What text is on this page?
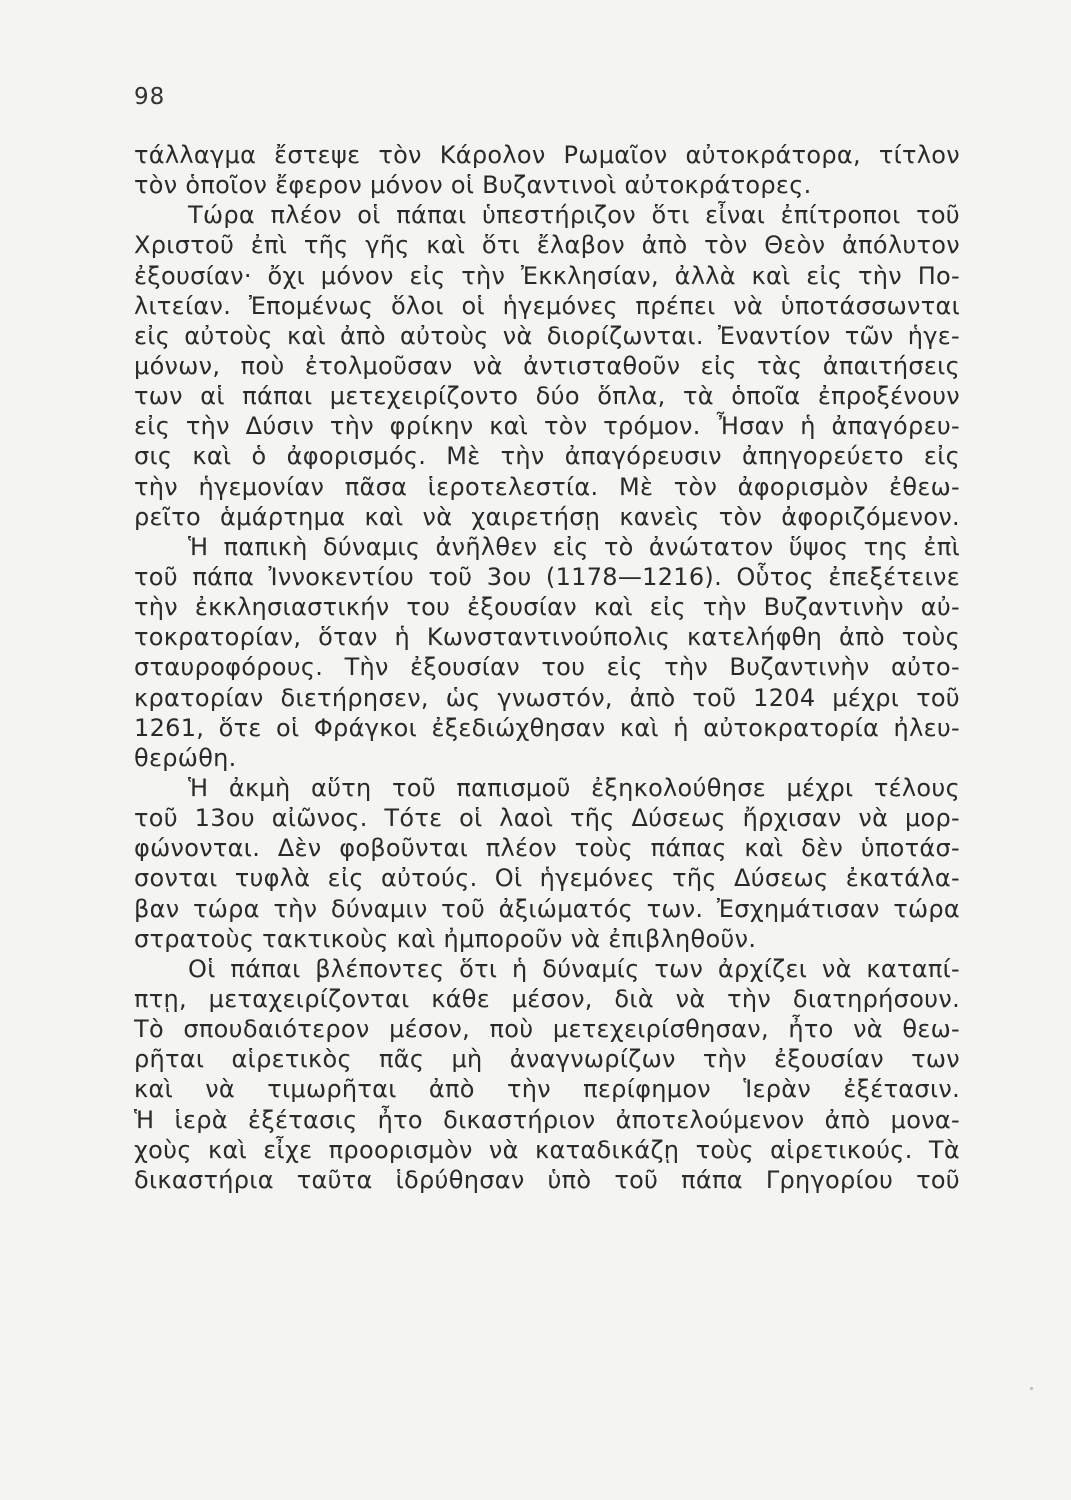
98
τάλλαγμα ἔστεψε τὸν Κάρολον Ρωμαῖον αὐτοκράτορα, τίτλον
τὸν ὁποῖον ἔφερον μόνον οἱ Βυζαντινοὶ αὐτοκράτορες.
Τώρα πλέον οἱ πάπαι ὑπεστήριζον ὅτι εἶναι ἐπίτροποι τοῦ
Χριστοῦ ἐπὶ τῆς γῆς καὶ ὅτι ἔλαβον ἀπὸ τὸν Θεὸν ἀπόλυτον
ἐξουσίαν· ὄχι μόνον εἰς τὴν Ἐκκλησίαν, ἀλλὰ καὶ εἰς τὴν Πο-
λιτείαν. Ἐπομένως ὅλοι οἱ ἡγεμόνες πρέπει νὰ ὑποτάσσωνται
εἰς αὐτοὺς καὶ ἀπὸ αὐτοὺς νὰ διορίζωνται. Ἐναντίον τῶν ἡγε-
μόνων, ποὺ ἐτολμοῦσαν νὰ ἀντισταθοῦν εἰς τὰς ἀπαιτήσεις
των αἱ πάπαι μετεχειρίζοντο δύο ὅπλα, τὰ ὁποῖα ἐπροξένουν
εἰς τὴν Δύσιν τὴν φρίκην καὶ τὸν τρόμον. Ἦσαν ἡ ἀπαγόρευ-
σις καὶ ὁ ἀφορισμός. Μὲ τὴν ἀπαγόρευσιν ἀπηγορεύετο εἰς
τὴν ἡγεμονίαν πᾶσα ἱεροτελεστία. Μὲ τὸν ἀφορισμὸν ἐθεω-
ρεῖτο ἁμάρτημα καὶ νὰ χαιρετήσῃ κανεὶς τὸν ἀφοριζόμενον.
Ἡ παπικὴ δύναμις ἀνῆλθεν εἰς τὸ ἀνώτατον ὕψος της ἐπὶ
τοῦ πάπα Ἰννοκεντίου τοῦ 3ου (1178—1216). Οὗτος ἐπεξέτεινε
τὴν ἐκκλησιαστικήν του ἐξουσίαν καὶ εἰς τὴν Βυζαντινὴν αὐ-
τοκρατορίαν, ὅταν ἡ Κωνσταντινούπολις κατελήφθη ἀπὸ τοὺς
σταυροφόρους. Τὴν ἐξουσίαν του εἰς τὴν Βυζαντινὴν αὐτο-
κρατορίαν διετήρησεν, ὡς γνωστόν, ἀπὸ τοῦ 1204 μέχρι τοῦ
1261, ὅτε οἱ Φράγκοι ἐξεδιώχθησαν καὶ ἡ αὐτοκρατορία ἠλευ-
θερώθη.
Ἡ ἀκμὴ αὕτη τοῦ παπισμοῦ ἐξηκολούθησε μέχρι τέλους
τοῦ 13ου αἰῶνος. Τότε οἱ λαοὶ τῆς Δύσεως ἤρχισαν νὰ μορ-
φώνονται. Δὲν φοβοῦνται πλέον τοὺς πάπας καὶ δὲν ὑποτάσ-
σονται τυφλὰ εἰς αὐτούς. Οἱ ἡγεμόνες τῆς Δύσεως ἐκατάλα-
βαν τώρα τὴν δύναμιν τοῦ ἀξιώματός των. Ἐσχημάτισαν τώρα
στρατοὺς τακτικοὺς καὶ ἠμποροῦν νὰ ἐπιβληθοῦν.
Οἱ πάπαι βλέποντες ὅτι ἡ δύναμίς των ἀρχίζει νὰ καταπί-
πτῃ, μεταχειρίζονται κάθε μέσον, διὰ νὰ τὴν διατηρήσουν.
Τὸ σπουδαιότερον μέσον, ποὺ μετεχειρίσθησαν, ἦτο νὰ θεω-
ρῆται αἱρετικὸς πᾶς μὴ ἀναγνωρίζων τὴν ἐξουσίαν των
καὶ νὰ τιμωρῆται ἀπὸ τὴν περίφημον Ἱερὰν ἐξέτασιν.
Ἡ ἱερὰ ἐξέτασις ἦτο δικαστήριον ἀποτελούμενον ἀπὸ μονα-
χοὺς καὶ εἶχε προορισμὸν νὰ καταδικάζῃ τοὺς αἱρετικούς. Τὰ
δικαστήρια ταῦτα ἱδρύθησαν ὑπὸ τοῦ πάπα Γρηγορίου τοῦ
